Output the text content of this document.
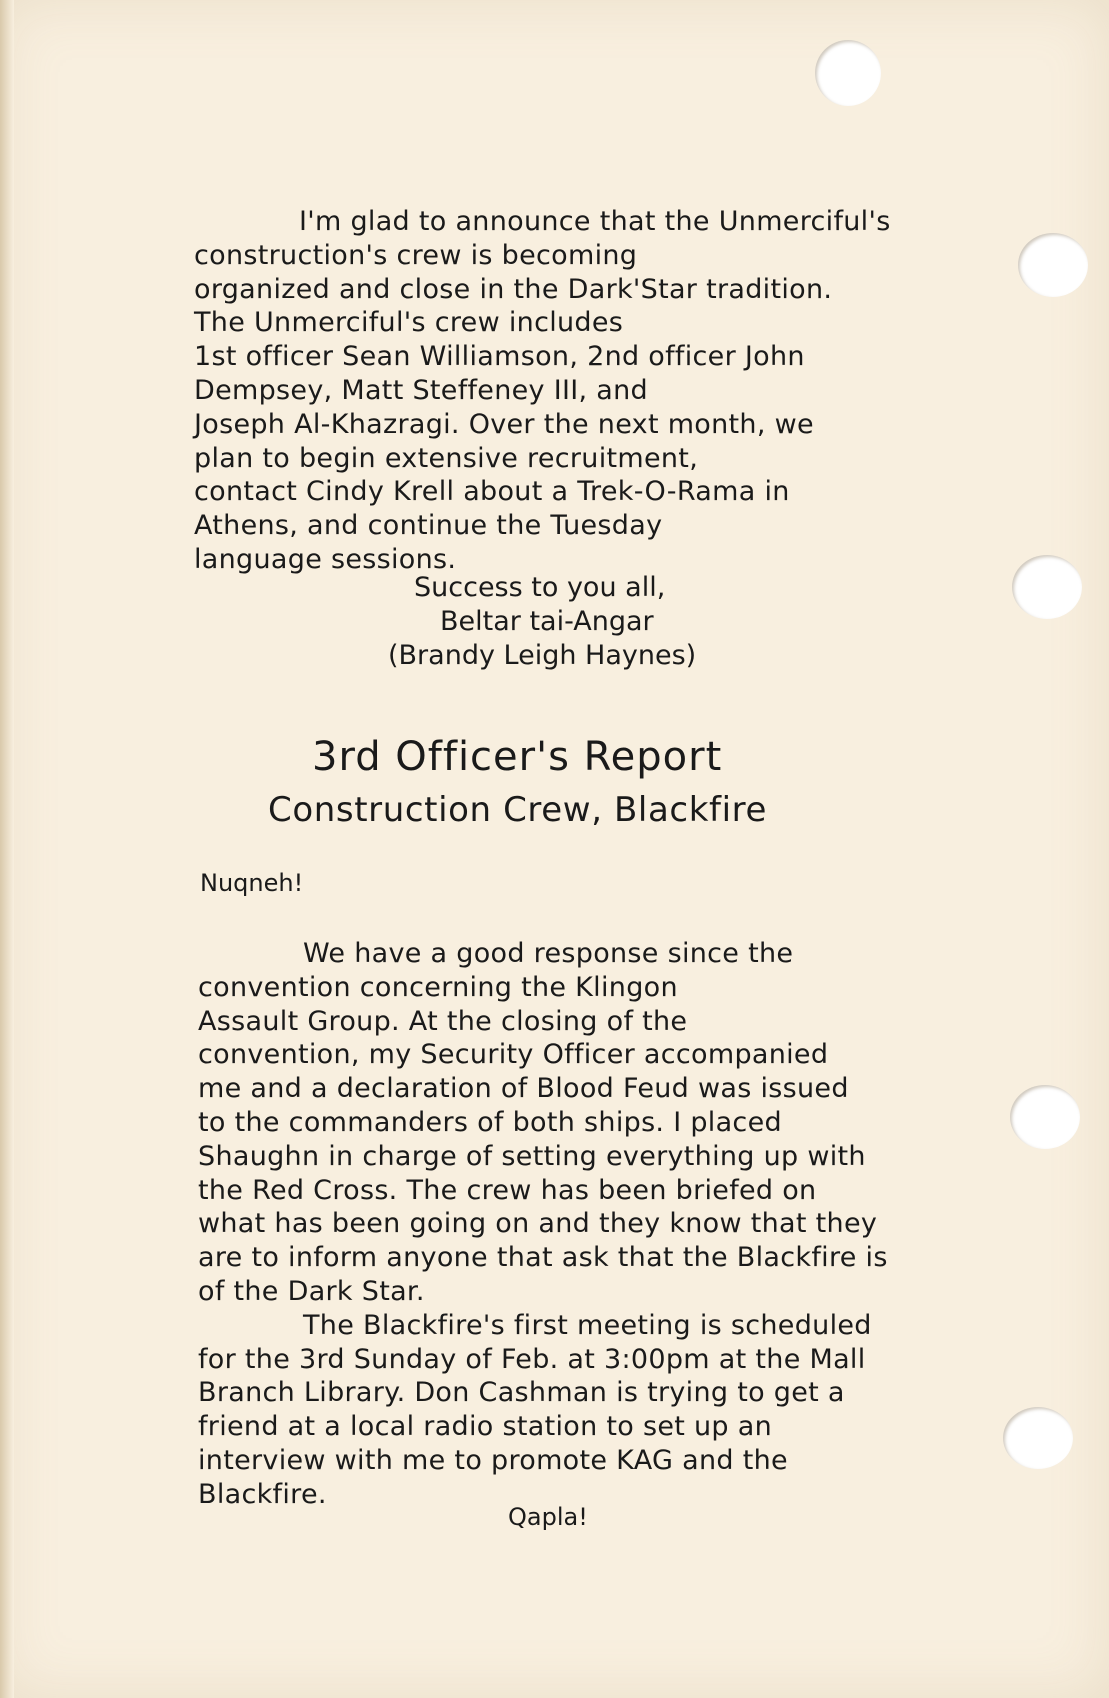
I'm glad to announce that the Unmerciful's
construction's crew is becoming
organized and close in the Dark'Star tradition.
The Unmerciful's crew includes
1st officer Sean Williamson, 2nd officer John
Dempsey, Matt Steffeney III, and
Joseph Al-Khazragi. Over the next month, we
plan to begin extensive recruitment,
contact Cindy Krell about a Trek-O-Rama in
Athens, and continue the Tuesday
language sessions.
Success to you all,
Beltar tai-Angar
(Brandy Leigh Haynes)
3rd Officer's Report
Construction Crew, Blackfire
Nuqneh!
We have a good response since the
convention concerning the Klingon
Assault Group. At the closing of the
convention, my Security Officer accompanied
me and a declaration of Blood Feud was issued
to the commanders of both ships. I placed
Shaughn in charge of setting everything up with
the Red Cross. The crew has been briefed on
what has been going on and they know that they
are to inform anyone that ask that the Blackfire is
of the Dark Star.
The Blackfire's first meeting is scheduled
for the 3rd Sunday of Feb. at 3:00pm at the Mall
Branch Library. Don Cashman is trying to get a
friend at a local radio station to set up an
interview with me to promote KAG and the
Blackfire.
Qapla!
